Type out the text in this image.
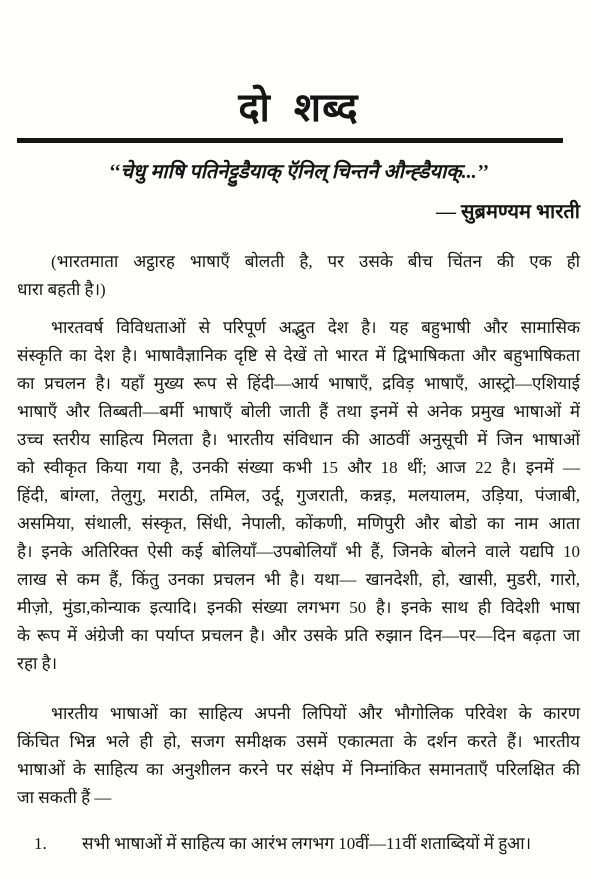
दो शब्द
‘‘चेधु माषि पतिनेट्टुडैयाक् ऍनिल् चिन्तनै औन्ह्डैयाक्...’’
— सुब्रमण्यम भारती
(भारतमाता अट्ठारह भाषाएँ बोलती है, पर उसके बीच चिंतन की एक ही
धारा बहती है।)
भारतवर्ष विविधताओं से परिपूर्ण अद्भुत देश है। यह बहुभाषी और सामासिक
संस्कृति का देश है। भाषावैज्ञानिक दृष्टि से देखें तो भारत में द्विभाषिकता और बहुभाषिकता
का प्रचलन है। यहाँ मुख्य रूप से हिंदी—आर्य भाषाएँ, द्रविड़ भाषाएँ, आस्ट्रो—एशियाई
भाषाएँ और तिब्बती—बर्मी भाषाएँ बोली जाती हैं तथा इनमें से अनेक प्रमुख भाषाओं में
उच्च स्तरीय साहित्य मिलता है। भारतीय संविधान की आठवीं अनुसूची में जिन भाषाओं
को स्वीकृत किया गया है, उनकी संख्या कभी 15 और 18 थीं; आज 22 है। इनमें —
हिंदी, बांग्ला, तेलुगु, मराठी, तमिल, उर्दू, गुजराती, कन्नड़, मलयालम, उड़िया, पंजाबी,
असमिया, संथाली, संस्कृत, सिंधी, नेपाली, कोंकणी, मणिपुरी और बोडो का नाम आता
है। इनके अतिरिक्त ऐसी कई बोलियाँ—उपबोलियाँ भी हैं, जिनके बोलने वाले यद्यपि 10
लाख से कम हैं, किंतु उनका प्रचलन भी है। यथा— खानदेशी, हो, खासी, मुडरी, गारो,
मीज़ो, मुंडा,कोन्याक इत्यादि। इनकी संख्या लगभग 50 है। इनके साथ ही विदेशी भाषा
के रूप में अंग्रेजी का पर्याप्त प्रचलन है। और उसके प्रति रुझान दिन—पर—दिन बढ़ता जा
रहा है।
भारतीय भाषाओं का साहित्य अपनी लिपियों और भौगोलिक परिवेश के कारण
किंचित भिन्न भले ही हो, सजग समीक्षक उसमें एकात्मता के दर्शन करते हैं। भारतीय
भाषाओं के साहित्य का अनुशीलन करने पर संक्षेप में निम्नांकित समानताएँ परिलक्षित की
जा सकती हैं —
1.	सभी भाषाओं में साहित्य का आरंभ लगभग 10वीं—11वीं शताब्दियों में हुआ।
